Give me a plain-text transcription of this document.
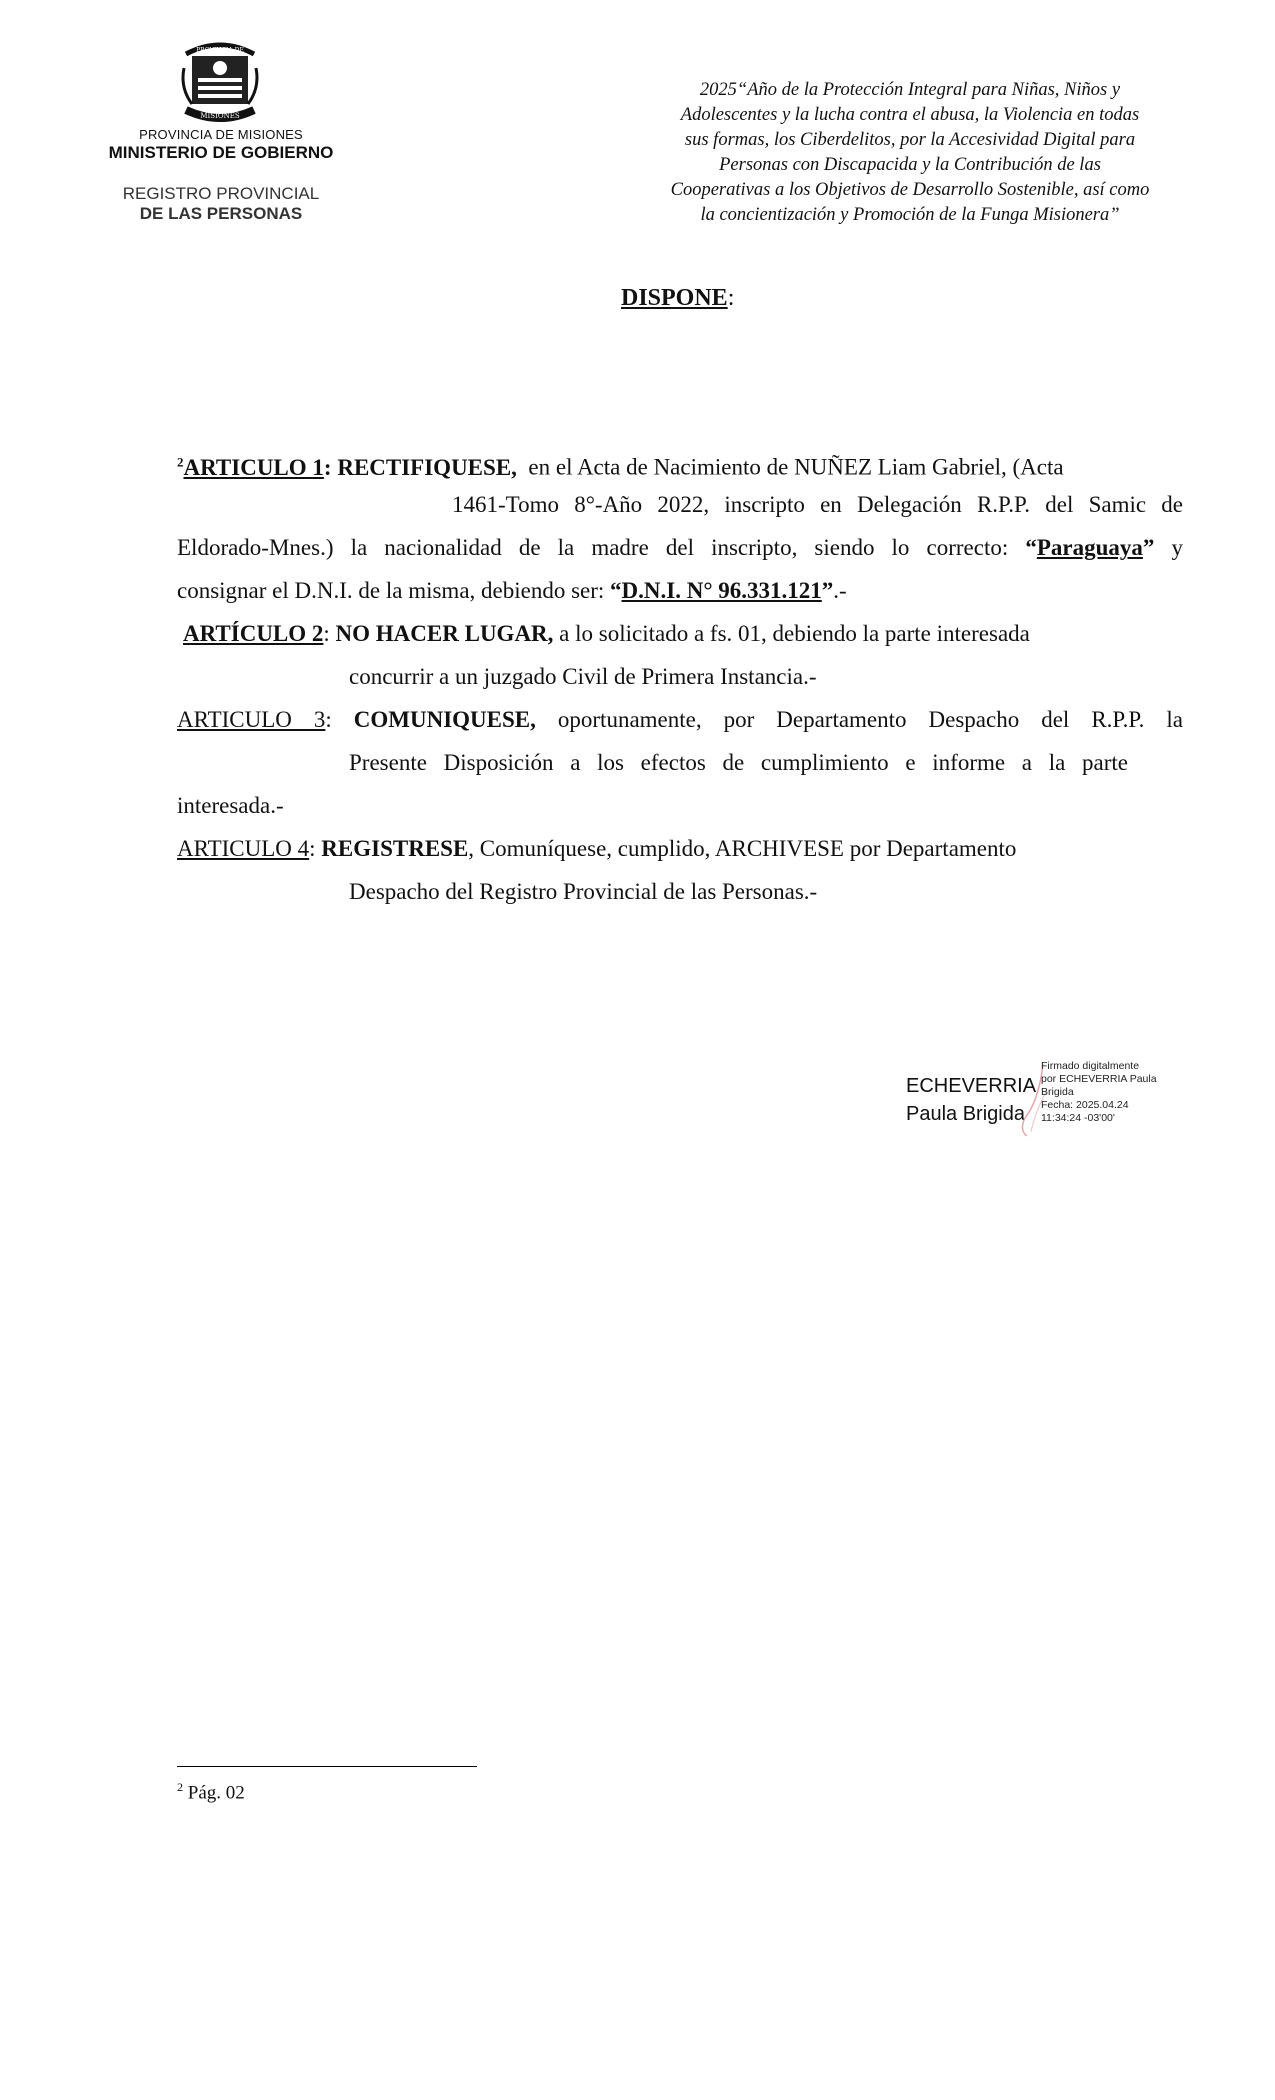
PROVINCIA DE
MISIONES
PROVINCIA DE MISIONES
MINISTERIO DE GOBIERNO
REGISTRO PROVINCIAL
DE LAS PERSONAS
2025“Año de la Protección Integral para Niñas, Niños y
Adolescentes y la lucha contra el abusa, la Violencia en todas
sus formas, los Ciberdelitos, por la Accesividad Digital para
Personas con Discapacida y la Contribución de las
Cooperativas a los Objetivos de Desarrollo Sostenible, así como
la concientización y Promoción de la Funga Misionera”
DISPONE:
$^2$ARTICULO 1: RECTIFIQUESE, en el Acta de Nacimiento de NUÑEZ Liam Gabriel, (Acta
1461-Tomo 8°-Año 2022, inscripto en Delegación R.P.P. del Samic de
Eldorado-Mnes.) la nacionalidad de la madre del inscripto, siendo lo correcto: “Paraguaya” y
consignar el D.N.I. de la misma, debiendo ser: “D.N.I. N° 96.331.121”.-
ARTÍCULO 2: NO HACER LUGAR, a lo solicitado a fs. 01, debiendo la parte interesada
concurrir a un juzgado Civil de Primera Instancia.-
ARTICULO 3: COMUNIQUESE, oportunamente, por Departamento Despacho del R.P.P. la
Presente Disposición a los efectos de cumplimiento e informe a la parte
interesada.-
ARTICULO 4: REGISTRESE, Comuníquese, cumplido, ARCHIVESE por Departamento
Despacho del Registro Provincial de las Personas.-
ECHEVERRIA
Paula Brigida
Firmado digitalmente
por ECHEVERRIA Paula
Brigida
Fecha: 2025.04.24
11:34:24 -03'00'
$^2$ Pág. 02
